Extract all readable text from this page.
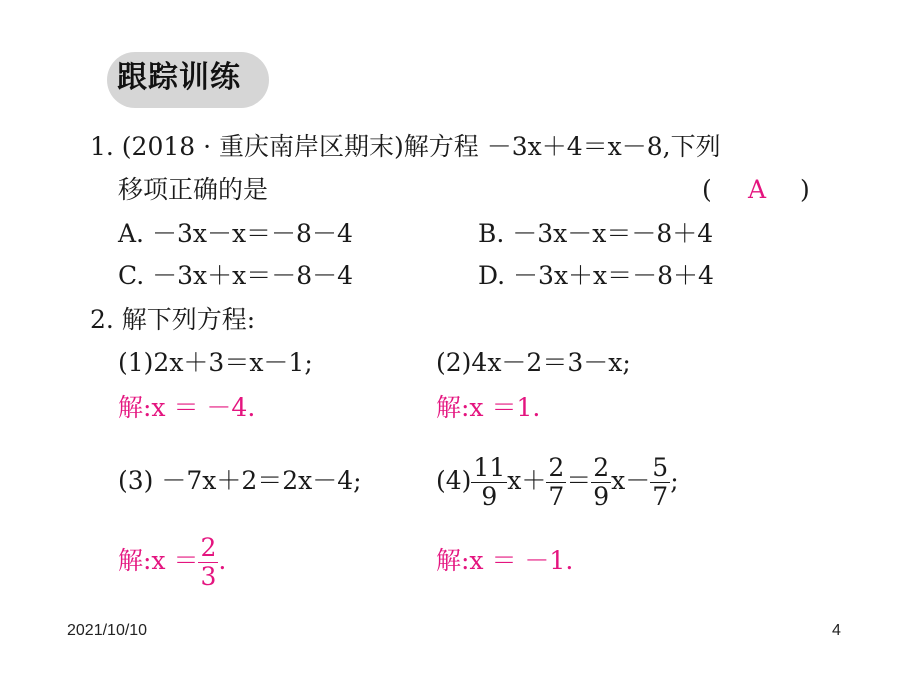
跟踪训练
1. (2018 · 重庆南岸区期末)解方程 －3x＋4＝x－8,下列
移项正确的是	( A )
A. －3x－x＝－8－4	B. －3x－x＝－8＋4
C. －3x＋x＝－8－4	D. －3x＋x＝－8＋4
2. 解下列方程:
(1)2x＋3＝x－1;	(2)4x－2＝3－x;
解:x ＝ －4.	解:x ＝1.
(3) －7x＋2＝2x－4;	$(4) \frac{11}{9} x+ \frac{2}{7} = \frac{2}{9} x- \frac{5}{7}$ ;
解:x ＝ $\frac{2}{3}$ .	解:x ＝ －1.
2021/10/10	4
